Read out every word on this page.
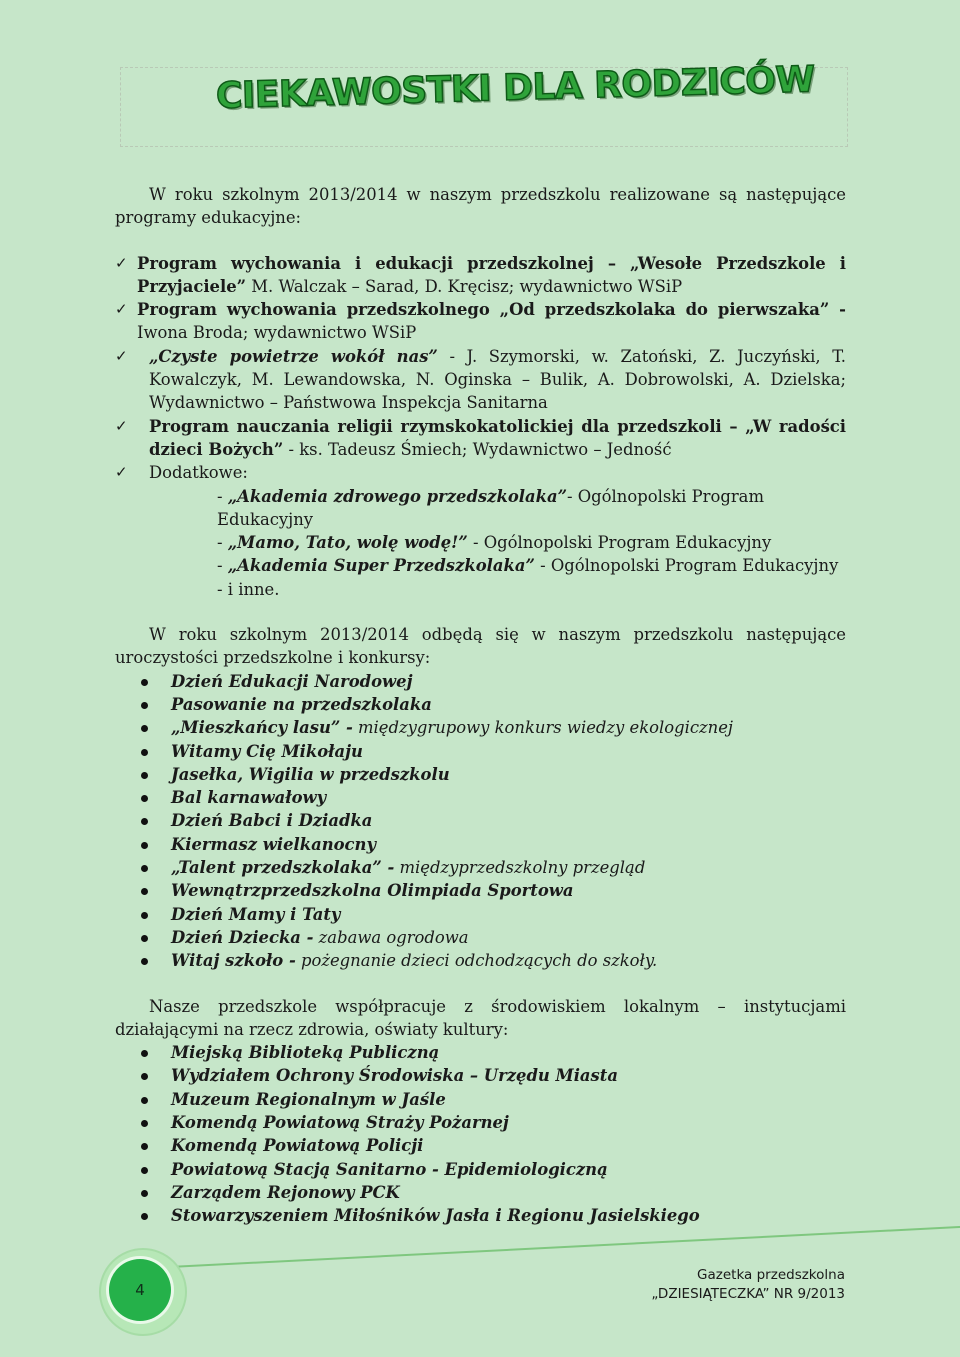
CIEKAWOSTKI DLA RODZICÓW

W roku szkolnym 2013/2014 w naszym przedszkolu realizowane są następujące programy edukacyjne:

✓ Program wychowania i edukacji przedszkolnej – „Wesołe Przedszkole i Przyjaciele” M. Walczak – Sarad, D. Kręcisz; wydawnictwo WSiP
✓ Program wychowania przedszkolnego „Od przedszkolaka do pierwszaka” - Iwona Broda; wydawnictwo WSiP
✓ „Czyste powietrze wokół nas” - J. Szymorski, w. Zatoński, Z. Juczyński, T. Kowalczyk, M. Lewandowska, N. Oginska – Bulik, A. Dobrowolski, A. Dzielska; Wydawnictwo – Państwowa Inspekcja Sanitarna
✓ Program nauczania religii rzymskokatolickiej dla przedszkoli – „W radości dzieci Bożych” - ks. Tadeusz Śmiech; Wydawnictwo – Jedność
✓ Dodatkowe:

- „Akademia zdrowego przedszkolaka”- Ogólnopolski Program Edukacyjny

- „Mamo, Tato, wolę wodę!” - Ogólnopolski Program Edukacyjny

- „Akademia Super Przedszkolaka” - Ogólnopolski Program Edukacyjny

- i inne.

W roku szkolnym 2013/2014 odbędą się w naszym przedszkolu następujące uroczystości przedszkolne i konkursy:

Dzień Edukacji Narodowej
Pasowanie na przedszkolaka
„Mieszkańcy lasu” - międzygrupowy konkurs wiedzy ekologicznej
Witamy Cię Mikołaju
Jasełka, Wigilia w przedszkolu
Bal karnawałowy
Dzień Babci i Dziadka
Kiermasz wielkanocny
„Talent przedszkolaka” - międzyprzedszkolny przegląd
Wewnątrzprzedszkolna Olimpiada Sportowa
Dzień Mamy i Taty
Dzień Dziecka - zabawa ogrodowa
Witaj szkoło - pożegnanie dzieci odchodzących do szkoły.

Nasze przedszkole współpracuje z środowiskiem lokalnym – instytucjami działającymi na rzecz zdrowia, oświaty kultury:

Miejską Biblioteką Publiczną
Wydziałem Ochrony Środowiska – Urzędu Miasta
Muzeum Regionalnym w Jaśle
Komendą Powiatową Straży Pożarnej
Komendą Powiatową Policji
Powiatową Stacją Sanitarno - Epidemiologiczną
Zarządem Rejonowy PCK
Stowarzyszeniem Miłośników Jasła i Regionu Jasielskiego
4
Gazetka przedszkolna
„DZIESIĄTECZKA” NR 9/2013
